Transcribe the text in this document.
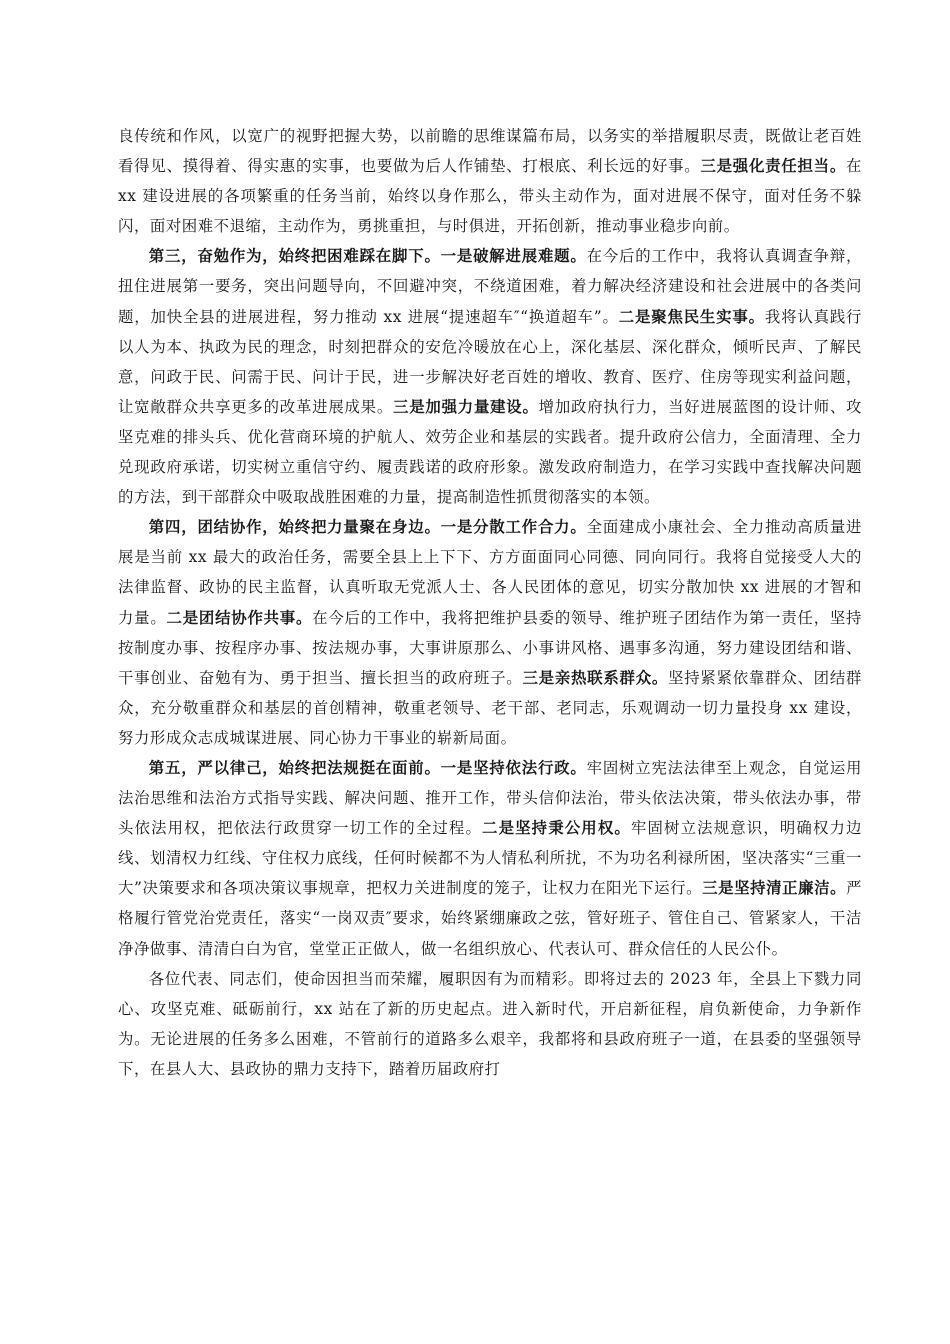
良传统和作风，以宽广的视野把握大势，以前瞻的思维谋篇布局，以务实的举措履职尽责，既做让老百姓看得见、摸得着、得实惠的实事，也要做为后人作铺垫、打根底、利长远的好事。三是强化责任担当。在 xx 建设进展的各项繁重的任务当前，始终以身作那么，带头主动作为，面对进展不保守，面对任务不躲闪，面对困难不退缩，主动作为，勇挑重担，与时俱进，开拓创新，推动事业稳步向前。

第三，奋勉作为，始终把困难踩在脚下。一是破解进展难题。在今后的工作中，我将认真调查争辩，扭住进展第一要务，突出问题导向，不回避冲突，不绕道困难，着力解决经济建设和社会进展中的各类问题，加快全县的进展进程，努力推动 xx 进展“提速超车″“换道超车”。二是聚焦民生实事。我将认真践行以人为本、执政为民的理念，时刻把群众的安危冷暖放在心上，深化基层、深化群众，倾听民声、了解民意，问政于民、问需于民、问计于民，进一步解决好老百姓的增收、教育、医疗、住房等现实利益问题，让宽敞群众共享更多的改革进展成果。三是加强力量建设。增加政府执行力，当好进展蓝图的设计师、攻坚克难的排头兵、优化营商环境的护航人、效劳企业和基层的实践者。提升政府公信力，全面清理、全力兑现政府承诺，切实树立重信守约、履责践诺的政府形象。激发政府制造力，在学习实践中查找解决问题的方法，到干部群众中吸取战胜困难的力量，提高制造性抓贯彻落实的本领。

第四，团结协作，始终把力量聚在身边。一是分散工作合力。全面建成小康社会、全力推动高质量进展是当前 xx 最大的政治任务，需要全县上上下下、方方面面同心同德、同向同行。我将自觉接受人大的法律监督、政协的民主监督，认真听取无党派人士、各人民团体的意见，切实分散加快 xx 进展的才智和力量。二是团结协作共事。在今后的工作中，我将把维护县委的领导、维护班子团结作为第一责任，坚持按制度办事、按程序办事、按法规办事，大事讲原那么、小事讲风格、遇事多沟通，努力建设团结和谐、干事创业、奋勉有为、勇于担当、擅长担当的政府班子。三是亲热联系群众。坚持紧紧依靠群众、团结群众，充分敬重群众和基层的首创精神，敬重老领导、老干部、老同志，乐观调动一切力量投身 xx 建设，努力形成众志成城谋进展、同心协力干事业的崭新局面。

第五，严以律己，始终把法规挺在面前。一是坚持依法行政。牢固树立宪法法律至上观念，自觉运用法治思维和法治方式指导实践、解决问题、推开工作，带头信仰法治，带头依法决策，带头依法办事，带头依法用权，把依法行政贯穿一切工作的全过程。二是坚持秉公用权。牢固树立法规意识，明确权力边线、划清权力红线、守住权力底线，任何时候都不为人情私利所扰，不为功名利禄所困，坚决落实“三重一大”决策要求和各项决策议事规章，把权力关进制度的笼子，让权力在阳光下运行。三是坚持清正廉洁。严格履行管党治党责任，落实“一岗双责″要求，始终紧绷廉政之弦，管好班子、管住自己、管紧家人，干洁净净做事、清清白白为官，堂堂正正做人，做一名组织放心、代表认可、群众信任的人民公仆。

各位代表、同志们，使命因担当而荣耀，履职因有为而精彩。即将过去的 2023 年，全县上下戮力同心、攻坚克难、砥砺前行，xx 站在了新的历史起点。进入新时代，开启新征程，肩负新使命，力争新作为。无论进展的任务多么困难，不管前行的道路多么艰辛，我都将和县政府班子一道，在县委的坚强领导下，在县人大、县政协的鼎力支持下，踏着历届政府打
